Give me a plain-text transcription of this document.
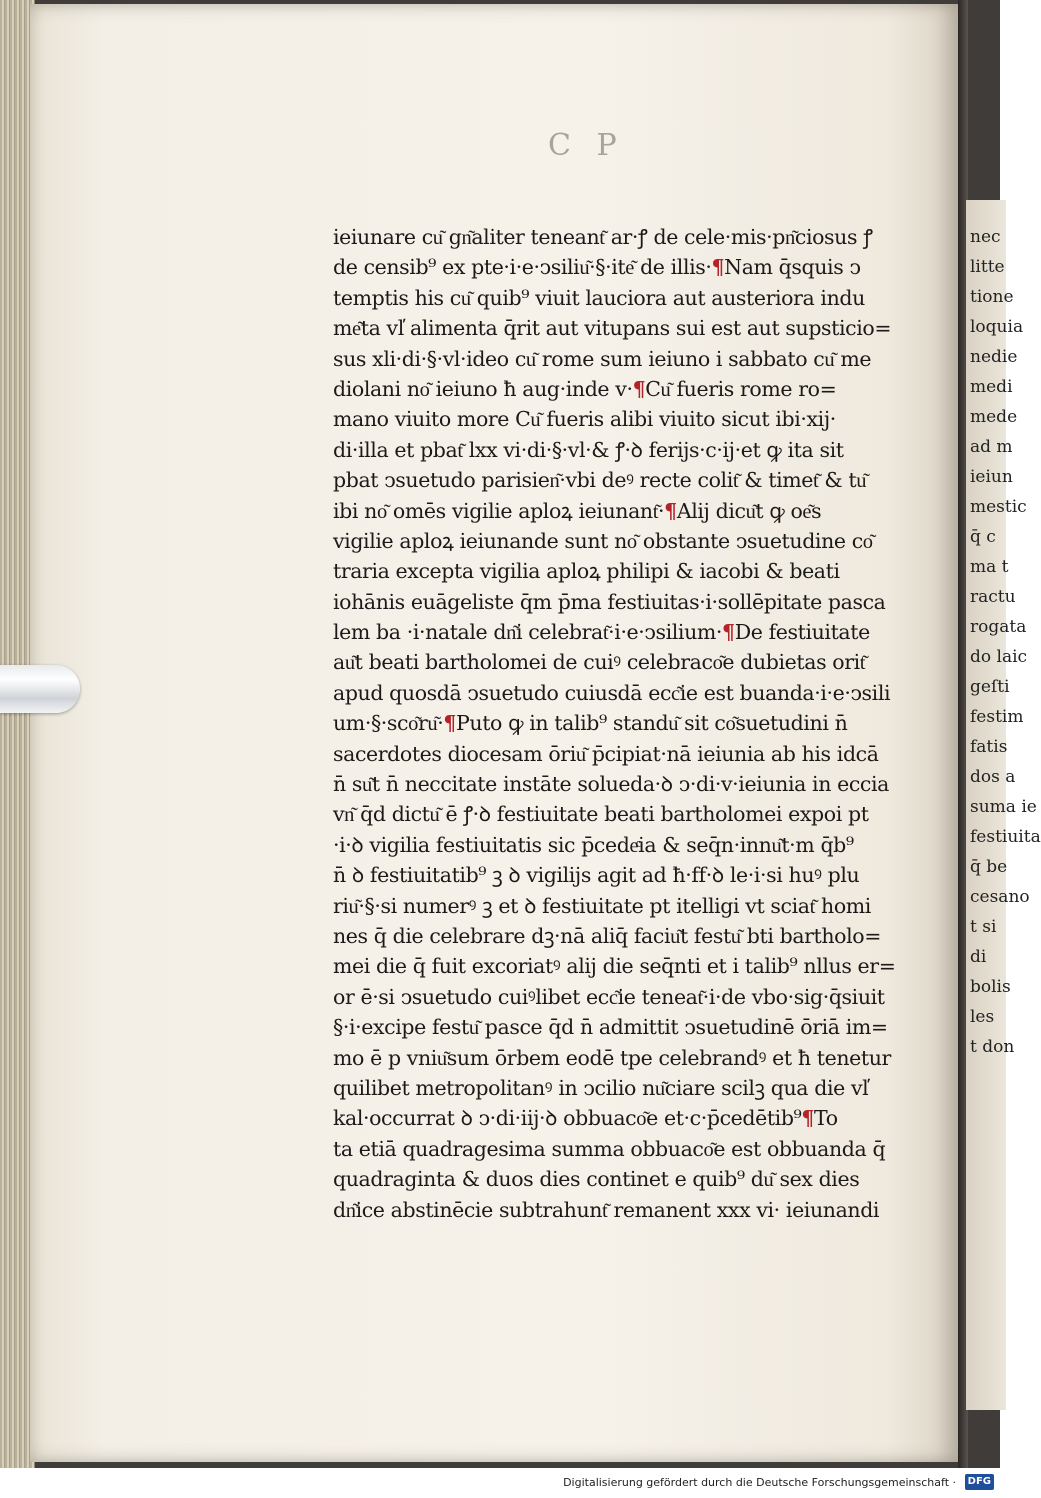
nec
litte
tione
loquia
nedie
medi
mede
ad m
ieiun
mestic
q̄ c
ma t
ractu
rogata
do laic
geſti
festim
fatis
dos a
suma ie
festiuita
q̄ be
cesano
t si
di
bolis
les
t don
C P
ieiunare cu͂ gn͂aliter teneant͂ ar·ꝭ de cele·mis·pn͂ciosus ꝭ
de censib⁹ ex pte·i·e·ↄsiliu͂·§·ite͂ de illis·¶Nam q̄squis ↄ
temptis his cu͂ quib⁹ viuit lauciora aut austeriora indu
me͂ta vl̕ alimenta q̄rit aut vitupans sui est aut supsticio=
sus xli·di·§·vl·ideo cu͂ rome sum ieiuno i sabbato cu͂ me
diolani no͂ ieiuno ħ aug·inde v·¶Cu͂ fueris rome ro=
mano viuito more Cu͂ fueris alibi viuito sicut ibi·xij·
di·illa et pbat͂ lxx vi·di·§·vl·& ꝭ·ꝺ ferijs·c·ij·et ꝙ ita sit
pbat ↄsuetudo parisien͂·vbi deꝰ recte colit͂ & timet͂ & tu͂
ibi no͂ omēs vigilie aploꝝ ieiunant͂·¶Alij dicu͂t ꝙ oe͂s
vigilie aploꝝ ieiunande sunt no͂ obstante ↄsuetudine co͂
traria excepta vigilia aploꝝ philipi & iacobi & beati
iohānis euāgeliste q̄m p̄ma festiuitas·i·sollēpitate pasca
lem ba ·i·natale dn͂i celebrat͂·i·e·ↄsilium·¶De festiuitate
au͂t beati bartholomei de cuiꝰ celebraco͂e dubietas orit͂
apud quosdā ↄsuetudo cuiusdā ecc͂ie est buanda·i·e·ↄsili
um·§·sco͂ru͂·¶Puto ꝙ in talib⁹ standu͂ sit co͂suetudini n̄
sacerdotes diocesam ōriu͂ p̄cipiat·nā ieiunia ab his idcā
n̄ su͂t n̄ neccitate instāte solueda·ꝺ ↄ·di·v·ieiunia in eccia
vn͂ q̄d dictu͂ ē ꝭ·ꝺ festiuitate beati bartholomei expoi pt
·i·ꝺ vigilia festiuitatis sic p̄cedeͨia & seq̄n·innu͂t·m q̄b⁹
n̄ ꝺ festiuitatib⁹ ꝫ ꝺ vigilijs agit ad ħ·ff·ꝺ le·i·si huꝰ plu
riu͂·§·si numerꝰ ꝫ et ꝺ festiuitate pt itelligi vt sciat͂ homi
nes q̄ die celebrare dꝫ·nā aliq̄ faciu͂t festu͂ bti bartholo=
mei die q̄ fuit excoriatꝰ alij die seq̄nti et i talib⁹ nllus er=
or ē·si ↄsuetudo cuiꝰlibet ecc͂ie teneat͂·i·de vbo·sig·q̄siuit
§·i·excipe festu͂ pasce q̄d n̄ admittit ↄsuetudinē ōriā im=
mo ē p vniu͂sum ōrbem eodē tpe celebrandꝰ et ħ tenetur
quilibet metropolitanꝰ in ↄcilio nu͂ciare scilꝫ qua die vl̕
kal·occurrat ꝺ ↄ·di·iij·ꝺ obbuaco͂e et·c·p̄cedētib⁹¶To
ta etiā quadragesima summa obbuaco͂e est obbuanda q̄
quadraginta & duos dies continet e quib⁹ du͂ sex dies
dn͂ice abstinēcie subtrahunt͂ remanent xxx vi· ieiunandi
Digitalisierung gefördert durch die Deutsche Forschungsgemeinschaft ·	DFG
